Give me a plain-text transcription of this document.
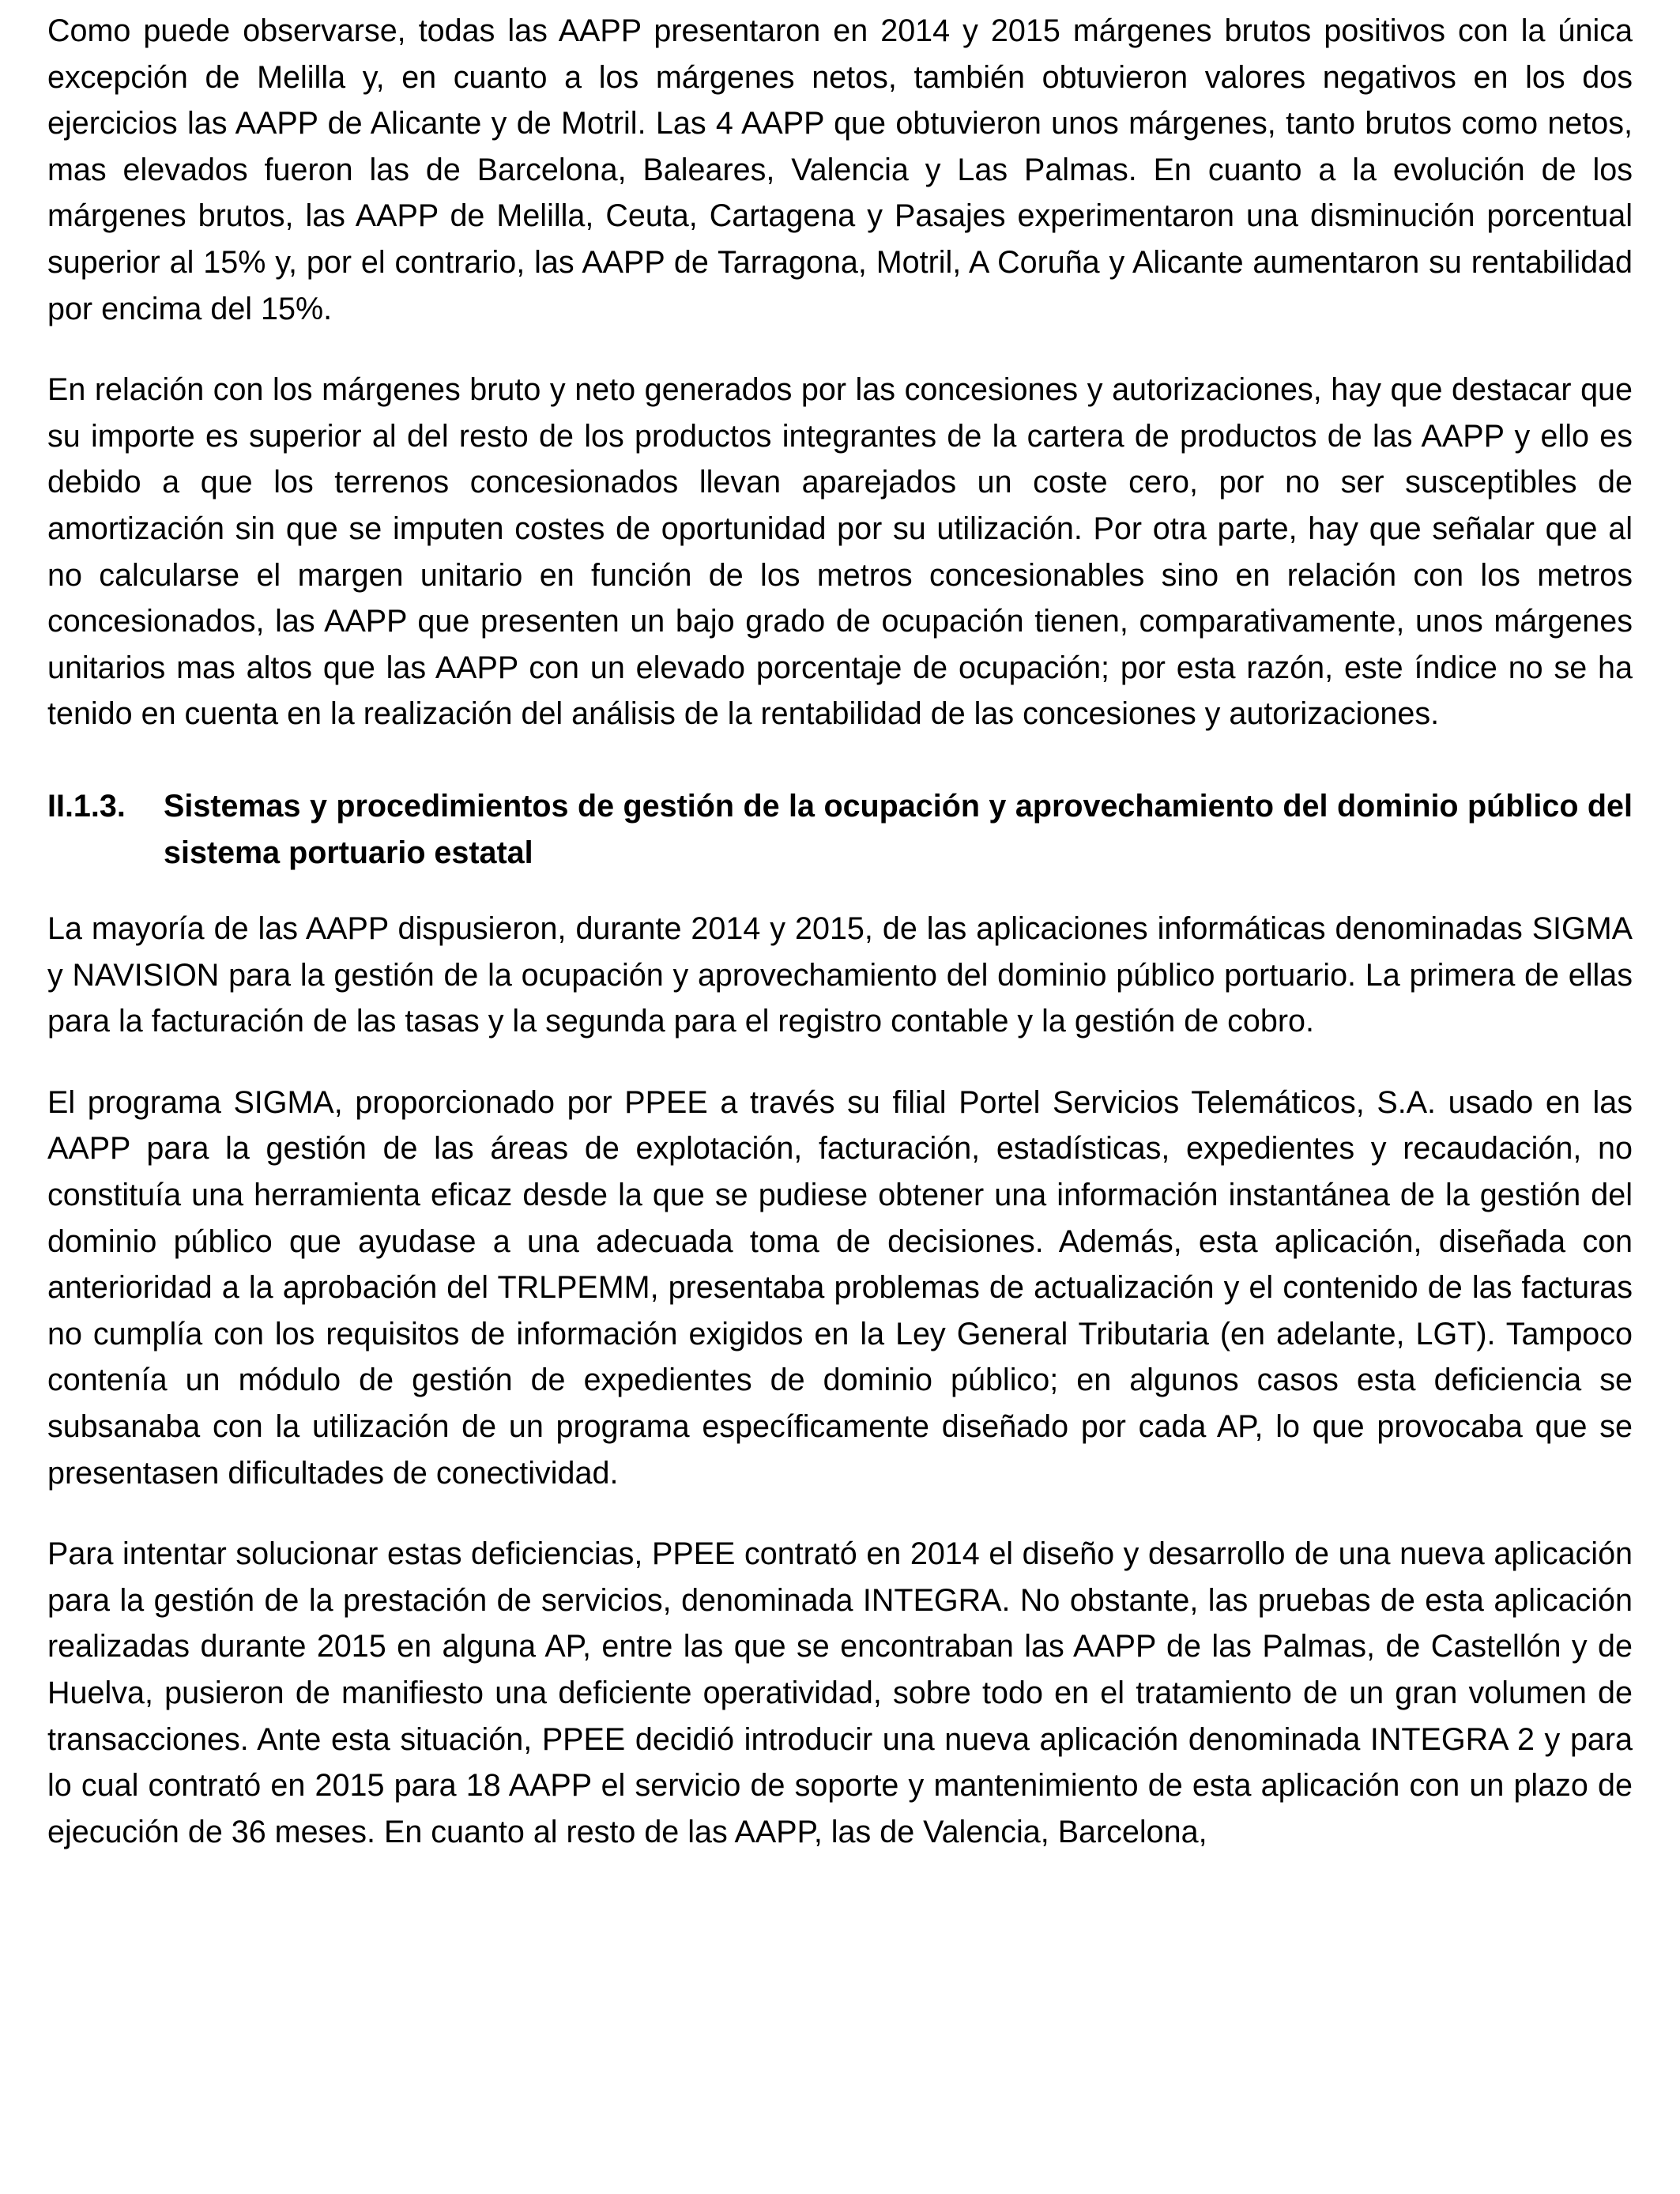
Como puede observarse, todas las AAPP presentaron en 2014 y 2015 márgenes brutos positivos con la única excepción de Melilla y, en cuanto a los márgenes netos, también obtuvieron valores negativos en los dos ejercicios las AAPP de Alicante y de Motril. Las 4 AAPP que obtuvieron unos márgenes, tanto brutos como netos, mas elevados fueron las de Barcelona, Baleares, Valencia y Las Palmas. En cuanto a la evolución de los márgenes brutos, las AAPP de Melilla, Ceuta, Cartagena y Pasajes experimentaron una disminución porcentual superior al 15% y, por el contrario, las AAPP de Tarragona, Motril, A Coruña y Alicante aumentaron su rentabilidad por encima del 15%.

En relación con los márgenes bruto y neto generados por las concesiones y autorizaciones, hay que destacar que su importe es superior al del resto de los productos integrantes de la cartera de productos de las AAPP y ello es debido a que los terrenos concesionados llevan aparejados un coste cero, por no ser susceptibles de amortización sin que se imputen costes de oportunidad por su utilización. Por otra parte, hay que señalar que al no calcularse el margen unitario en función de los metros concesionables sino en relación con los metros concesionados, las AAPP que presenten un bajo grado de ocupación tienen, comparativamente, unos márgenes unitarios mas altos que las AAPP con un elevado porcentaje de ocupación; por esta razón, este índice no se ha tenido en cuenta en la realización del análisis de la rentabilidad de las concesiones y autorizaciones.

II.1.3.	Sistemas y procedimientos de gestión de la ocupación y aprovechamiento del dominio público del sistema portuario estatal

La mayoría de las AAPP dispusieron, durante 2014 y 2015, de las aplicaciones informáticas denominadas SIGMA y NAVISION para la gestión de la ocupación y aprovechamiento del dominio público portuario. La primera de ellas para la facturación de las tasas y la segunda para el registro contable y la gestión de cobro.

El programa SIGMA, proporcionado por PPEE a través su filial Portel Servicios Telemáticos, S.A. usado en las AAPP para la gestión de las áreas de explotación, facturación, estadísticas, expedientes y recaudación, no constituía una herramienta eficaz desde la que se pudiese obtener una información instantánea de la gestión del dominio público que ayudase a una adecuada toma de decisiones. Además, esta aplicación, diseñada con anterioridad a la aprobación del TRLPEMM, presentaba problemas de actualización y el contenido de las facturas no cumplía con los requisitos de información exigidos en la Ley General Tributaria (en adelante, LGT). Tampoco contenía un módulo de gestión de expedientes de dominio público; en algunos casos esta deficiencia se subsanaba con la utilización de un programa específicamente diseñado por cada AP, lo que provocaba que se presentasen dificultades de conectividad.

Para intentar solucionar estas deficiencias, PPEE contrató en 2014 el diseño y desarrollo de una nueva aplicación para la gestión de la prestación de servicios, denominada INTEGRA. No obstante, las pruebas de esta aplicación realizadas durante 2015 en alguna AP, entre las que se encontraban las AAPP de las Palmas, de Castellón y de Huelva, pusieron de manifiesto una deficiente operatividad, sobre todo en el tratamiento de un gran volumen de transacciones. Ante esta situación, PPEE decidió introducir una nueva aplicación denominada INTEGRA 2 y para lo cual contrató en 2015 para 18 AAPP el servicio de soporte y mantenimiento de esta aplicación con un plazo de ejecución de 36 meses. En cuanto al resto de las AAPP, las de Valencia, Barcelona,
